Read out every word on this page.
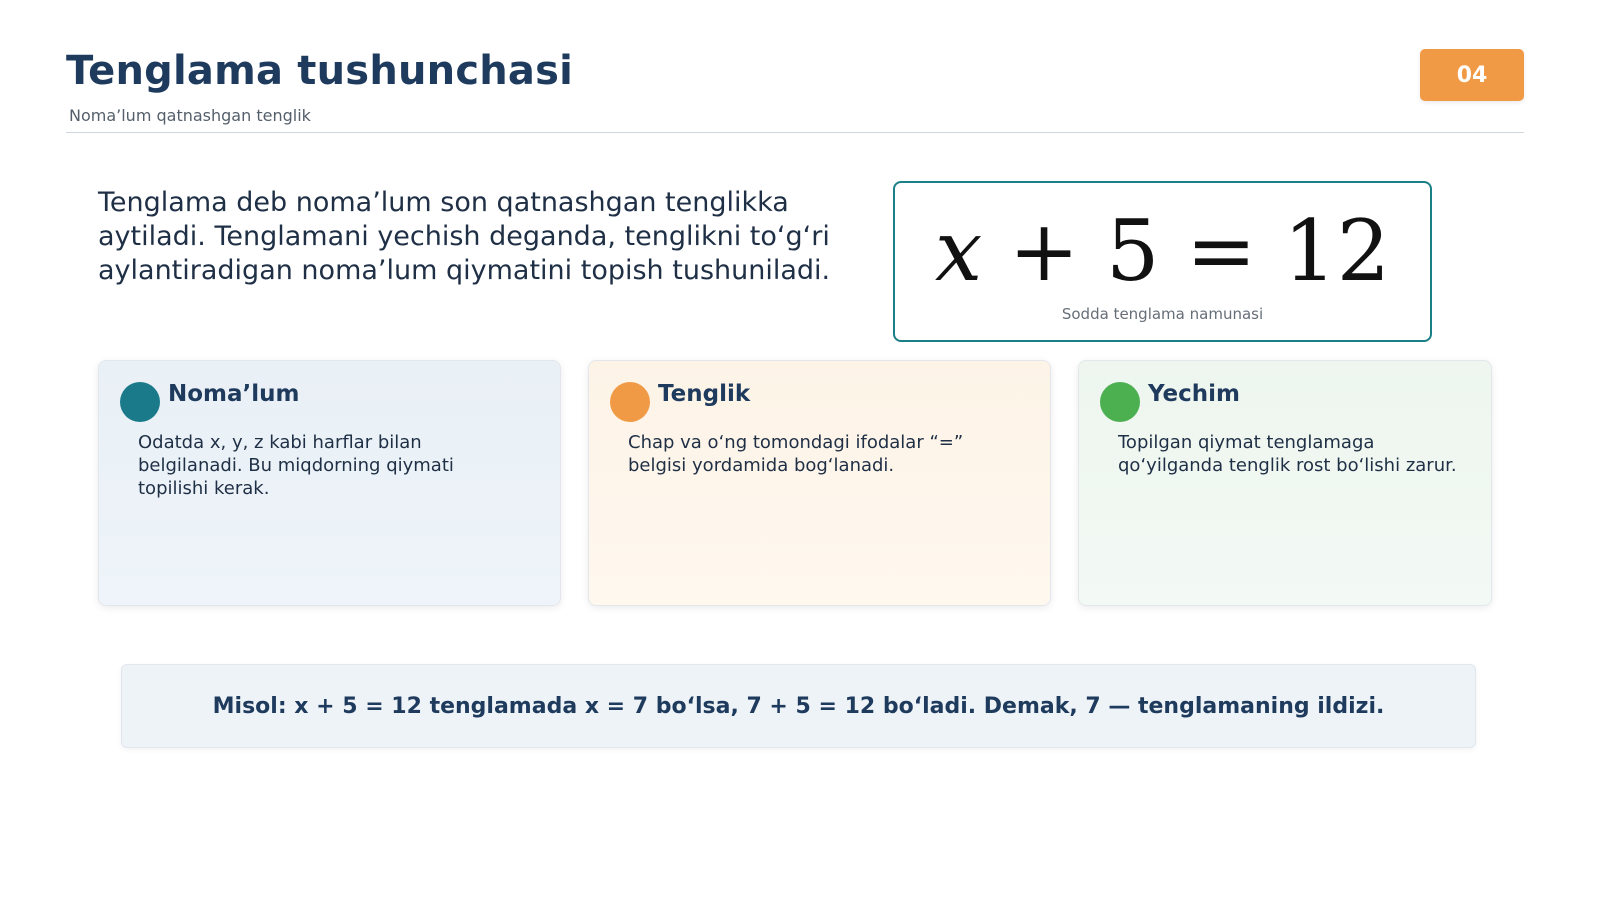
Tenglama tushunchasi
Noma’lum qatnashgan tenglik
04

Tenglama deb noma’lum son qatnashgan tenglikka aytiladi. Tenglamani yechish deganda, tenglikni to‘g‘ri aylantiradigan noma’lum qiymatini topish tushuniladi.	x + 5 = 12
Sodda tenglama namunasi
Noma’lum
Odatda x, y, z kabi harflar bilan belgilanadi. Bu miqdorning qiymati topilishi kerak.
Tenglik
Chap va o‘ng tomondagi ifodalar “=” belgisi yordamida bog‘lanadi.
Yechim
Topilgan qiymat tenglamaga qo‘yilganda tenglik rost bo‘lishi zarur.
Misol: x + 5 = 12 tenglamada x = 7 bo‘lsa, 7 + 5 = 12 bo‘ladi. Demak, 7 — tenglamaning ildizi.
